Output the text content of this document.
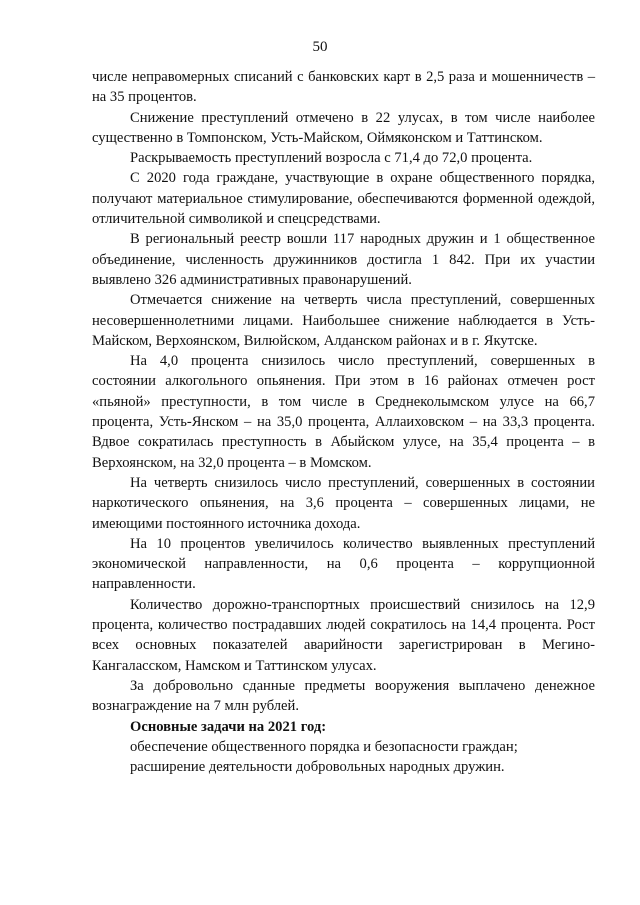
50

числе неправомерных списаний с банковских карт в 2,5 раза и мошенничеств – на 35 процентов.

Снижение преступлений отмечено в 22 улусах, в том числе наиболее существенно в Томпонском, Усть-Майском, Оймяконском и Таттинском.

Раскрываемость преступлений возросла с 71,4 до 72,0 процента.

С 2020 года граждане, участвующие в охране общественного порядка, получают материальное стимулирование, обеспечиваются форменной одеждой, отличительной символикой и спецсредствами.

В региональный реестр вошли 117 народных дружин и 1 общественное объединение, численность дружинников достигла 1 842. При их участии выявлено 326 административных правонарушений.

Отмечается снижение на четверть числа преступлений, совершенных несовершеннолетними лицами. Наибольшее снижение наблюдается в Усть-Майском, Верхоянском, Вилюйском, Алданском районах и в г. Якутске.

На 4,0 процента снизилось число преступлений, совершенных в состоянии алкогольного опьянения. При этом в 16 районах отмечен рост «пьяной» преступности, в том числе в Среднеколымском улусе на 66,7 процента, Усть-Янском – на 35,0 процента, Аллаиховском – на 33,3 процента. Вдвое сократилась преступность в Абыйском улусе, на 35,4 процента – в Верхоянском, на 32,0 процента – в Момском.

На четверть снизилось число преступлений, совершенных в состоянии наркотического опьянения, на 3,6 процента – совершенных лицами, не имеющими постоянного источника дохода.

На 10 процентов увеличилось количество выявленных преступлений экономической направленности, на 0,6 процента – коррупционной направленности.

Количество дорожно-транспортных происшествий снизилось на 12,9 процента, количество пострадавших людей сократилось на 14,4 процента. Рост всех основных показателей аварийности зарегистрирован в Мегино-Кангаласском, Намском и Таттинском улусах.

За добровольно сданные предметы вооружения выплачено денежное вознаграждение на 7 млн рублей.

Основные задачи на 2021 год:

обеспечение общественного порядка и безопасности граждан;

расширение деятельности добровольных народных дружин.
